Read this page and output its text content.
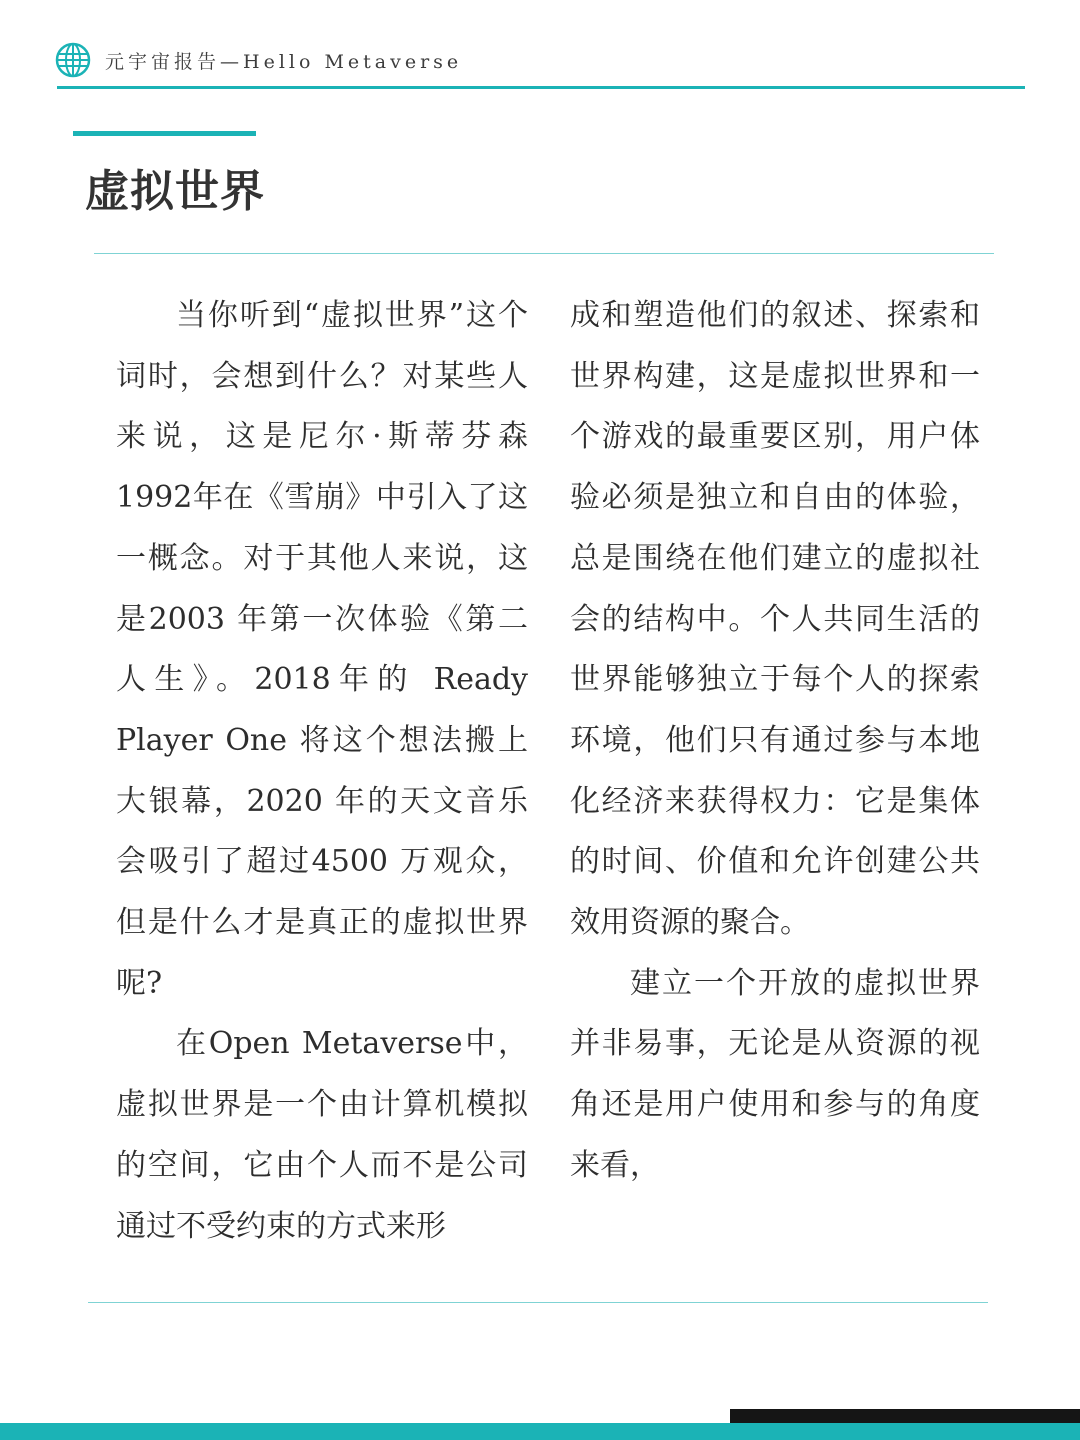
元宇宙报告—Hello Metaverse
虚拟世界

当你听到“虚拟世界”这个词时，会想到什么？对某些人来说，这是尼尔·斯蒂芬森1992年在《雪崩》中引入了这一概念。对于其他人来说，这是2003 年第一次体验《第二人生》。2018年的 Ready Player One 将这个想法搬上大银幕，2020 年的天文音乐会吸引了超过4500 万观众，但是什么才是真正的虚拟世界呢?

在Open Metaverse中，虚拟世界是一个由计算机模拟的空间，它由个人而不是公司通过不受约束的方式来形

成和塑造他们的叙述、探索和世界构建，这是虚拟世界和一个游戏的最重要区别，用户体验必须是独立和自由的体验，总是围绕在他们建立的虚拟社会的结构中。个人共同生活的世界能够独立于每个人的探索环境，他们只有通过参与本地化经济来获得权力：它是集体的时间、价值和允许创建公共效用资源的聚合。

建立一个开放的虚拟世界并非易事，无论是从资源的视角还是用户使用和参与的角度来看，
